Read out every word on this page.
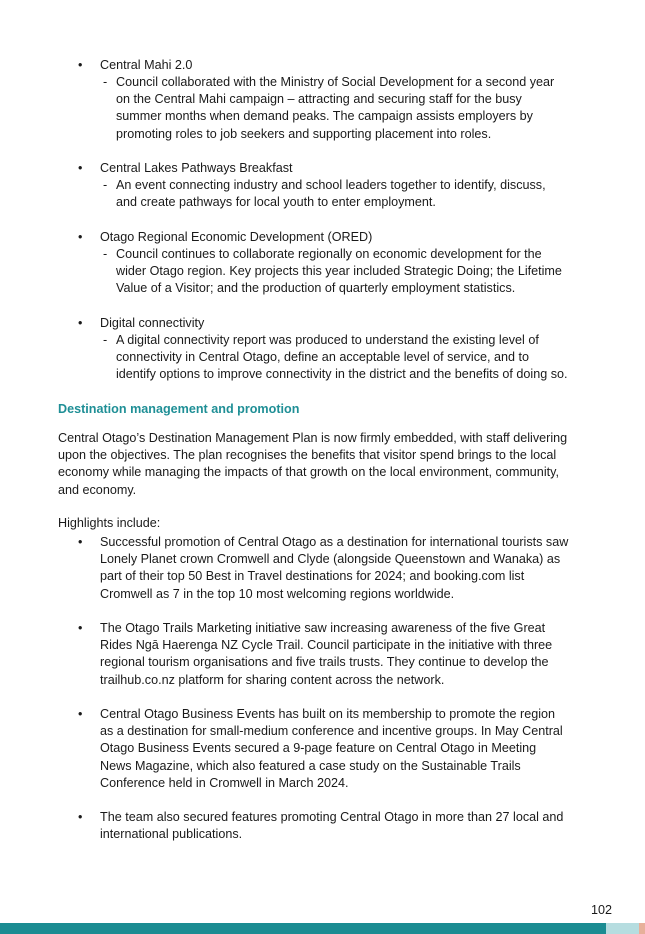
• Central Mahi 2.0
- Council collaborated with the Ministry of Social Development for a second year
on the Central Mahi campaign – attracting and securing staff for the busy
summer months when demand peaks. The campaign assists employers by
promoting roles to job seekers and supporting placement into roles.
• Central Lakes Pathways Breakfast
- An event connecting industry and school leaders together to identify, discuss,
and create pathways for local youth to enter employment.
• Otago Regional Economic Development (ORED)
- Council continues to collaborate regionally on economic development for the
wider Otago region. Key projects this year included Strategic Doing; the Lifetime
Value of a Visitor; and the production of quarterly employment statistics.
• Digital connectivity
- A digital connectivity report was produced to understand the existing level of
connectivity in Central Otago, define an acceptable level of service, and to
identify options to improve connectivity in the district and the benefits of doing so.
Destination management and promotion
Central Otago’s Destination Management Plan is now firmly embedded, with staff delivering
upon the objectives. The plan recognises the benefits that visitor spend brings to the local
economy while managing the impacts of that growth on the local environment, community,
and economy.
Highlights include:
• Successful promotion of Central Otago as a destination for international tourists saw
Lonely Planet crown Cromwell and Clyde (alongside Queenstown and Wanaka) as
part of their top 50 Best in Travel destinations for 2024; and booking.com list
Cromwell as 7 in the top 10 most welcoming regions worldwide.
• The Otago Trails Marketing initiative saw increasing awareness of the five Great
Rides Ngā Haerenga NZ Cycle Trail. Council participate in the initiative with three
regional tourism organisations and five trails trusts. They continue to develop the
trailhub.co.nz platform for sharing content across the network.
• Central Otago Business Events has built on its membership to promote the region
as a destination for small-medium conference and incentive groups. In May Central
Otago Business Events secured a 9-page feature on Central Otago in Meeting
News Magazine, which also featured a case study on the Sustainable Trails
Conference held in Cromwell in March 2024.
• The team also secured features promoting Central Otago in more than 27 local and
international publications.
102
